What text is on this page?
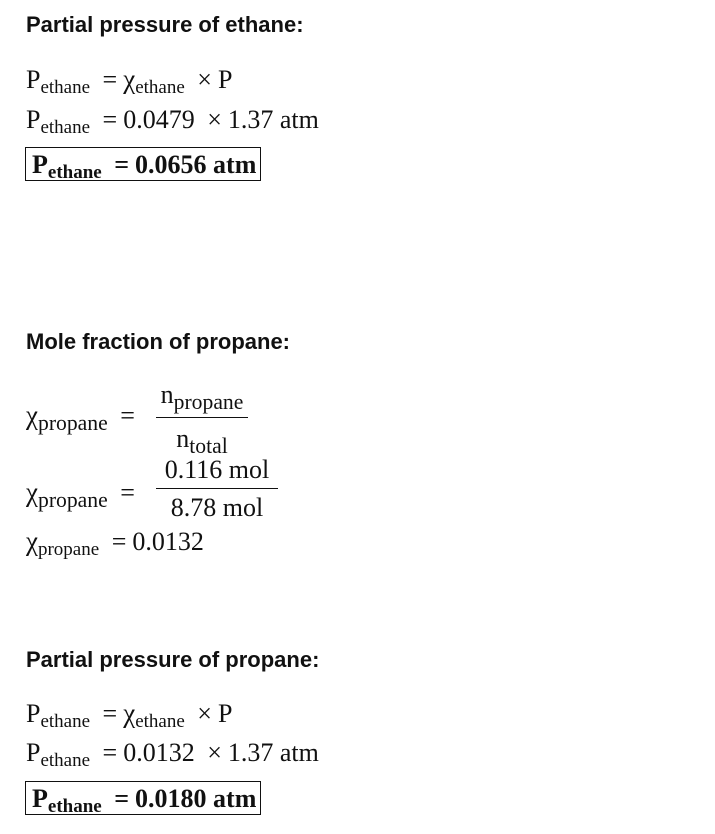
Partial pressure of ethane:
$P_{ethane} = \chi_{ethane} \times P$
$P_{ethane} = 0.0479 \times 1.37$ atm
$P_{ethane} = 0.0656$ atm
Mole fraction of propane:
$\chi_{propane}$ =
$n_{propane}$
$n_{total}$
$\chi_{propane}$ =
0.116 mol
8.78 mol
$\chi_{propane} = 0.0132$
Partial pressure of propane:
$P_{ethane} = \chi_{ethane} \times P$
$P_{ethane} = 0.0132 \times 1.37$ atm
$P_{ethane} = 0.0180$ atm
